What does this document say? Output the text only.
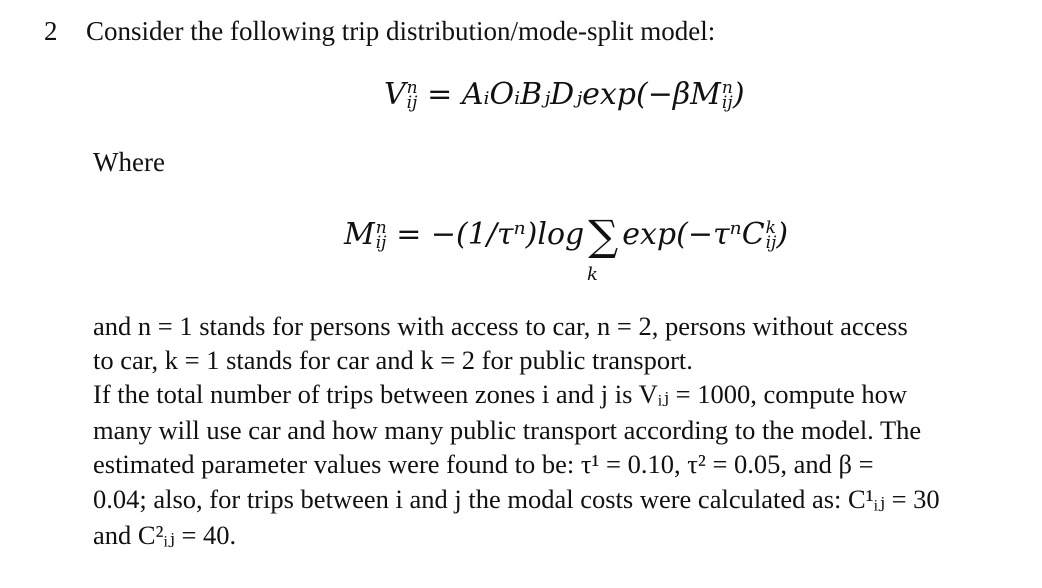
2 Consider the following trip distribution/mode-split model:
V n
ij = AᵢOᵢBⱼDⱼexp(−βM n
ij )
Where
M n
ij = −(1/τⁿ)log∑ exp(−τⁿC k
ij )
k
and n = 1 stands for persons with access to car, n = 2, persons without access
to car, k = 1 stands for car and k = 2 for public transport.
If the total number of trips between zones i and j is Vᵢⱼ = 1000, compute how
many will use car and how many public transport according to the model. The
estimated parameter values were found to be: τ¹ = 0.10, τ² = 0.05, and β =
0.04; also, for trips between i and j the modal costs were calculated as: C¹ᵢⱼ = 30
and C²ᵢⱼ = 40.
